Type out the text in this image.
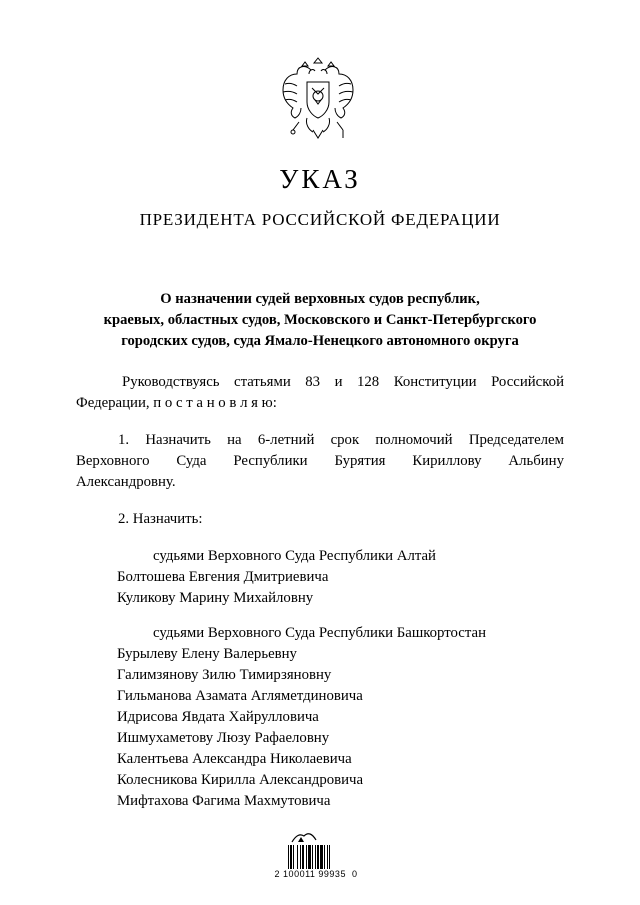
УКАЗ
ПРЕЗИДЕНТА РОССИЙСКОЙ ФЕДЕРАЦИИ
О назначении судей верховных судов республик,
краевых, областных судов, Московского и Санкт-Петербургского
городских судов, суда Ямало-Ненецкого автономного округа
Руководствуясь статьями 83 и 128 Конституции Российской
Федерации, п о с т а н о в л я ю:
1. Назначить на 6-летний срок полномочий Председателем
Верховного Суда Республики Бурятия Кириллову Альбину
Александровну.
2. Назначить:
судьями Верховного Суда Республики Алтай
Болтошева Евгения Дмитриевича
Куликову Марину Михайловну
судьями Верховного Суда Республики Башкортостан
Бурылеву Елену Валерьевну
Галимзянову Зилю Тимирзяновну
Гильманова Азамата Агляметдиновича
Идрисова Явдата Хайрулловича
Ишмухаметову Люзу Рафаеловну
Калентьева Александра Николаевича
Колесникова Кирилла Александровича
Мифтахова Фагима Махмутовича
2 100011 99935  0
